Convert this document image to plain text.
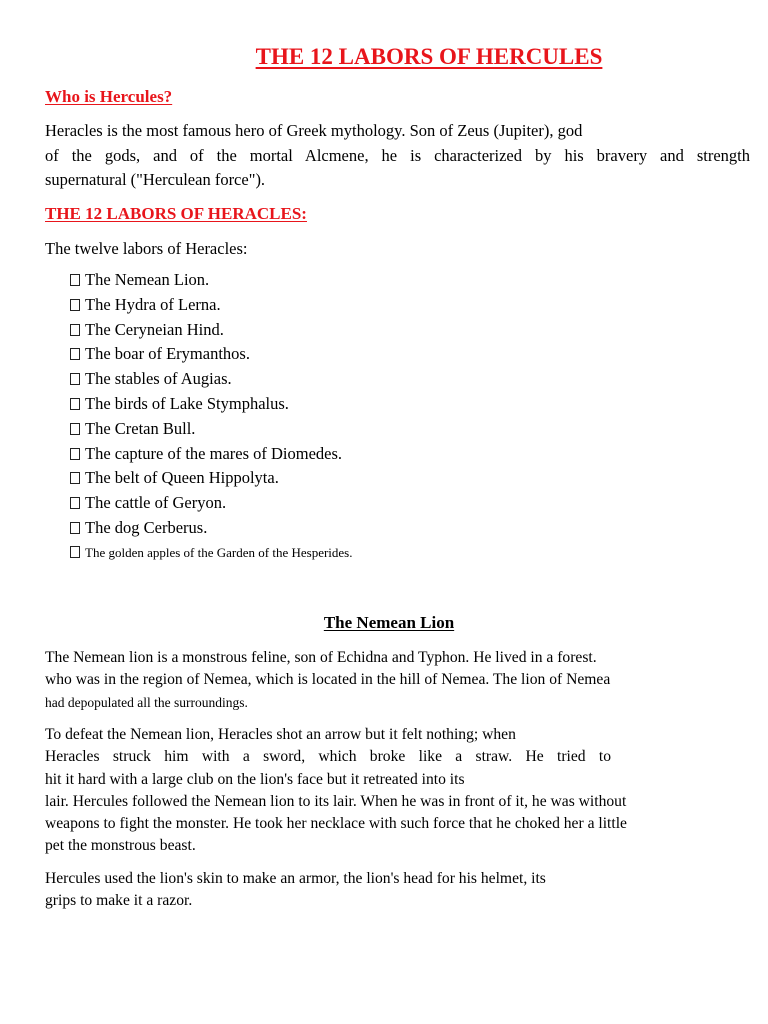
THE 12 LABORS OF HERCULES
Who is Hercules?
Heracles is the most famous hero of Greek mythology. Son of Zeus (Jupiter), god
of the gods, and of the mortal Alcmene, he is characterized by his bravery and strength
supernatural ("Herculean force").
THE 12 LABORS OF HERACLES:

The twelve labors of Heracles:

The Nemean Lion.
The Hydra of Lerna.
The Ceryneian Hind.
The boar of Erymanthos.
The stables of Augias.
The birds of Lake Stymphalus.
The Cretan Bull.
The capture of the mares of Diomedes.
The belt of Queen Hippolyta.
The cattle of Geryon.
The dog Cerberus.
The golden apples of the Garden of the Hesperides.
The Nemean Lion
The Nemean lion is a monstrous feline, son of Echidna and Typhon. He lived in a forest.
who was in the region of Nemea, which is located in the hill of Nemea. The lion of Nemea
had depopulated all the surroundings.
To defeat the Nemean lion, Heracles shot an arrow but it felt nothing; when
Heracles struck him with a sword, which broke like a straw. He tried to
hit it hard with a large club on the lion's face but it retreated into its
lair. Hercules followed the Nemean lion to its lair. When he was in front of it, he was without
weapons to fight the monster. He took her necklace with such force that he choked her a little
pet the monstrous beast.
Hercules used the lion's skin to make an armor, the lion's head for his helmet, its
grips to make it a razor.
